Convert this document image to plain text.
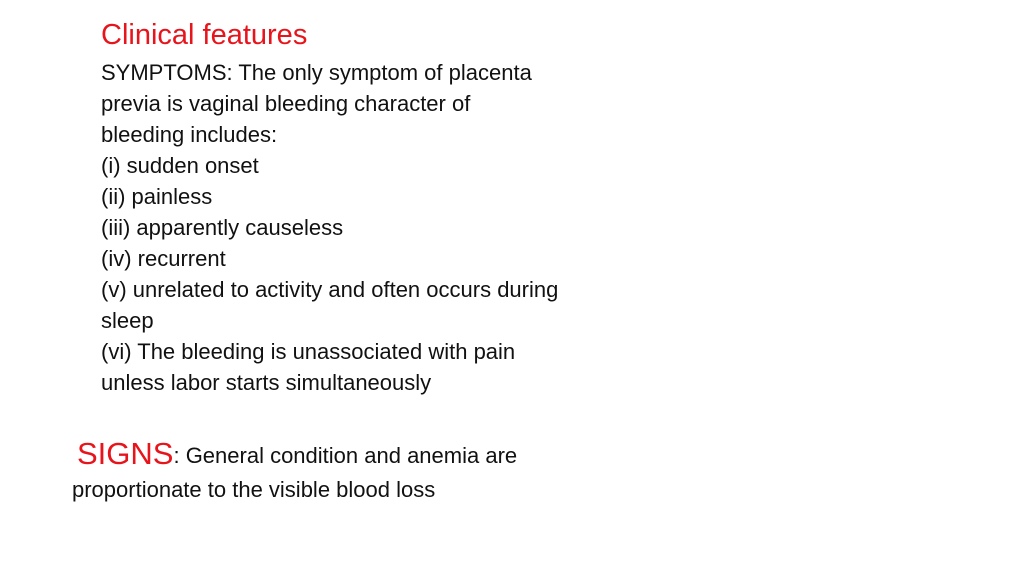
Clinical features
SYMPTOMS: The only symptom of placenta
previa is vaginal bleeding character of
bleeding includes:
(i) sudden onset
(ii) painless
(iii) apparently causeless
(iv) recurrent
(v) unrelated to activity and often occurs during
sleep
(vi) The bleeding is unassociated with pain
unless labor starts simultaneously
SIGNS: General condition and anemia are
proportionate to the visible blood loss
